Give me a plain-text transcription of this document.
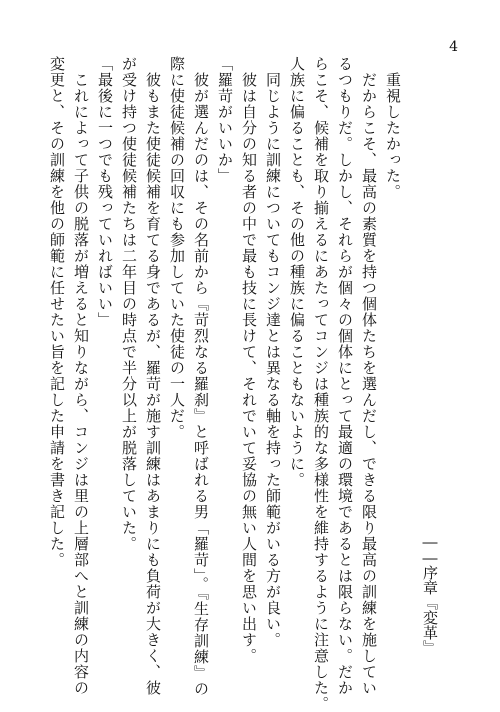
4
　重視したかった。
　だからこそ、最高の素質を持つ個体たちを選んだし、できる限り最高の訓練を施してい
るつもりだ。しかし、それらが個々の個体にとって最適の環境であるとは限らない。だか
らこそ、候補を取り揃えるにあたってコンジは種族的な多様性を維持するように注意した。
人族に偏ることも、その他の種族に偏ることもないように。
　同じように訓練についてもコンジ達とは異なる軸を持った師範がいる方が良い。
　彼は自分の知る者の中で最も技に長けて、それでいて妥協の無い人間を思い出す。
「羅苛がいいか」
　彼が選んだのは、その名前から『苛烈なる羅刹』と呼ばれる男「羅苛」。『生存訓練』の
際に使徒候補の回収にも参加していた使徒の一人だ。
　彼もまた使徒候補を育てる身であるが、羅苛が施す訓練はあまりにも負荷が大きく、彼
が受け持つ使徒候補たちは二年目の時点で半分以上が脱落していた。
「最後に一つでも残っていればいい」
　これによって子供の脱落が増えると知りながら、コンジは里の上層部へと訓練の内容の
変更と、その訓練を他の師範に任せたい旨を記した申請を書き記した。	――序章『変革』
